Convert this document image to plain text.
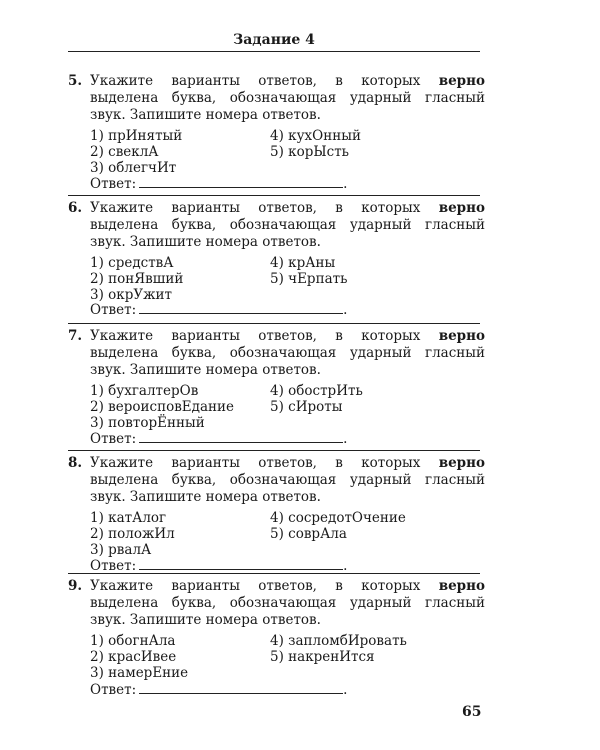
Задание 4
5. Укажите варианты ответов, в которых верно выделена буква, обозначающая ударный гласный звук. Запишите номера ответов.
1) прИнятый
2) свеклА
3) облегчИт
4) кухОнный
5) корЫсть
Ответ:	.
6. Укажите варианты ответов, в которых верно выделена буква, обозначающая ударный гласный звук. Запишите номера ответов.
1) средствА
2) понЯвший
3) окрУжит
4) крАны
5) чЕрпать
Ответ:	.
7. Укажите варианты ответов, в которых верно выделена буква, обозначающая ударный гласный звук. Запишите номера ответов.
1) бухгалтерОв
2) вероисповЕдание
3) повторЁнный
4) обострИть
5) сИроты
Ответ:	.
8. Укажите варианты ответов, в которых верно выделена буква, обозначающая ударный гласный звук. Запишите номера ответов.
1) катАлог
2) положИл
3) рвалА
4) сосредотОчение
5) соврАла
Ответ:	.
9. Укажите варианты ответов, в которых верно выделена буква, обозначающая ударный гласный звук. Запишите номера ответов.
1) обогнАла
2) красИвее
3) намерЕние
4) запломбИровать
5) накренИтся
Ответ:	.
65
